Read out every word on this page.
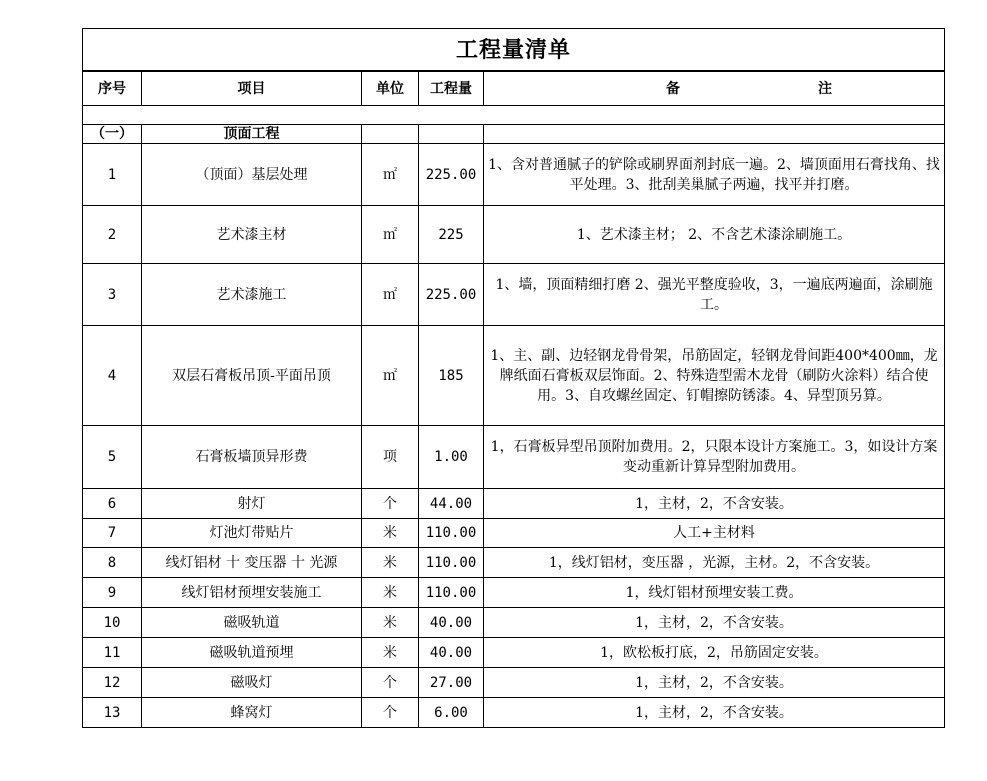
工程量清单				
序号	项目	单位	工程量	备 注

（一）	顶面工程			
1	（顶面）基层处理	㎡	225.00	1、含对普通腻子的铲除或刷界面剂封底一遍。2、墙顶面用石膏找角、找平处理。3、批刮美巢腻子两遍，找平并打磨。
2	艺术漆主材	㎡	225	1、艺术漆主材； 2、不含艺术漆涂刷施工。
3	艺术漆施工	㎡	225.00	1、墙，顶面精细打磨 2、强光平整度验收，3，一遍底两遍面，涂刷施工。
4	双层石膏板吊顶-平面吊顶	㎡	185	1、主、副、边轻钢龙骨骨架，吊筋固定，轻钢龙骨间距400*400㎜，龙牌纸面石膏板双层饰面。2、特殊造型需木龙骨（刷防火涂料）结合使用。3、自攻螺丝固定、钉帽擦防锈漆。4、异型顶另算。
5	石膏板墙顶异形费	项	1.00	1，石膏板异型吊顶附加费用。2，只限本设计方案施工。3，如设计方案变动重新计算异型附加费用。
6	射灯	个	44.00	1，主材，2，不含安装。
7	灯池灯带贴片	米	110.00	人工+主材料
8	线灯铝材 十 变压器 十 光源	米	110.00	1，线灯铝材，变压器 ，光源，主材。2，不含安装。
9	线灯铝材预埋安装施工	米	110.00	1，线灯铝材预埋安装工费。
10	磁吸轨道	米	40.00	1，主材，2，不含安装。
11	磁吸轨道预埋	米	40.00	1，欧松板打底，2，吊筋固定安装。
12	磁吸灯	个	27.00	1，主材，2，不含安装。
13	蜂窝灯	个	6.00	1，主材，2，不含安装。
